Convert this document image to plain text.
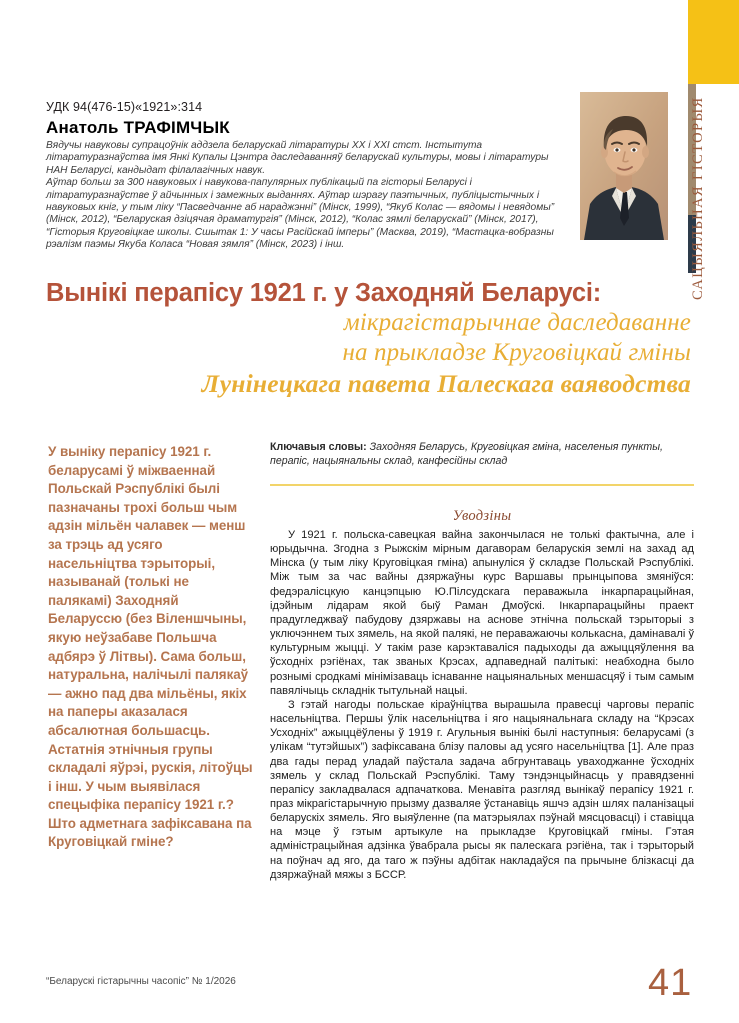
САЦЫЯЛЬНАЯ ГІСТОРЫЯ
УДК 94(476-15)«1921»:314
Анатоль ТРАФІМЧЫК

Вядучы навуковы супрацоўнік аддзела беларускай літаратуры XX і XXI стст. Інстытута літаратуразнаўства імя Янкі Купалы Цэнтра даследаванняў беларускай культуры, мовы і літаратуры НАН Беларусі, кандыдат філалагічных навук.

Аўтар больш за 300 навуковых і навукова-папулярных публікацый па гісторыі Беларусі і літаратуразнаўстве ў айчынных і замежных выданнях. Аўтар шэрагу паэтычных, публіцыстычных і навуковых кніг, у тым ліку “Пасведчанне аб нараджэнні” (Мінск, 1999), “Якуб Колас — вядомы і невядомы” (Мінск, 2012), “Беларуская дзіцячая драматургія” (Мінск, 2012), “Колас зямлі беларускай” (Мінск, 2017), “Гісторыя Круговіцкае школы. Сшытак 1: У часы Расійскай імперы” (Масква, 2019), “Мастацка-вобразны рэалізм паэмы Якуба Коласа “Новая зямля” (Мінск, 2023) і інш.

Вынікі перапісу 1921 г. у Заходняй Беларусі:
мікрагістарычнае даследаванне
на прыкладзе Круговіцкай гміны
Лунінецкага павета Палескага ваяводства
У выніку перапісу 1921 г. беларусамі ў міжваеннай Польскай Рэспублікі былі пазначаны трохі больш чым адзін мільён чалавек — менш за трэць ад усяго насельніцтва тэрыторыі, называнай (толькі не палякамі) Заходняй Беларуссю (без Віленшчыны, якую неўзабаве Польшча адбярэ ў Літвы). Сама больш, натуральна, налічылі палякаў — ажно пад два мільёны, якіх на паперы аказалася абсалютная большасць. Астатнія этнічныя групы складалі яўрэі, рускія, літоўцы і інш. У чым выявілася спецыфіка перапісу 1921 г.? Што адметнага зафіксавана па Круговіцкай гміне?
Ключавыя словы: Заходняя Беларусь, Круговіцкая гміна, населеныя пункты, перапіс, нацыянальны склад, канфесійны склад
Уводзіны

У 1921 г. польска-савецкая вайна закончылася не толькі фактычна, але і юрыдычна. Згодна з Рыжскім мірным дагаворам беларускія землі на захад ад Мінска (у тым ліку Круговіцкая гміна) апынуліся ў складзе Польскай Рэспублікі. Між тым за час вайны дзяржаўны курс Варшавы прынцыпова змяніўся: федэралісцкую канцэпцыю Ю.Пілсудскага пераважыла інкарпарацыйная, ідэйным лідарам якой быў Раман Дмоўскі. Інкарпарацыйны праект прадугледжваў пабудову дзяржавы на аснове этнічна польскай тэрыторыі з уключэннем тых зямель, на якой палякі, не пераважаючы колькасна, дамінавалі ў культурным жыцці. У такім разе карэктаваліся падыходы да ажыццяўлення ва ўсходніх рэгіёнах, так званых Крэсах, адпаведнай палітыкі: неабходна было рознымі сродкамі мінімізаваць існаванне нацыянальных меншасцяў і тым самым павялічыць складнік тытульнай нацыі.

З гэтай нагоды польскае кіраўніцтва вырашыла правесці чарговы перапіс насельніцтва. Першы ўлік насельніцтва і яго нацыянальнага складу на “Крэсах Усходніх” ажыццёўлены ў 1919 г. Агульныя вынікі былі наступныя: беларусамі (з улікам “тутэйшых”) зафіксавана блізу паловы ад усяго насельніцтва [1]. Але праз два гады перад уладай паўстала задача абгрунтаваць уваходжанне ўсходніх зямель у склад Польскай Рэспублікі. Таму тэндэнцыйнасць у правядзенні перапісу закладвалася адпачаткова. Менавіта разгляд вынікаў перапісу 1921 г. праз мікрагістарычную прызму дазваляе ўстанавіць яшчэ адзін шлях паланізацыі беларускіх зямель. Яго выяўленне (па матэрыялах пэўнай мясцовасці) і ставіцца на мэце ў гэтым артыкуле на прыкладзе Круговіцкай гміны. Гэтая адміністрацыйная адзінка ўвабрала рысы як палескага рэгіёна, так і тэрыторый на поўнач ад яго, да таго ж пэўны адбітак накладаўся па прычыне блізкасці да дзяржаўнай мяжы з БССР.

“Беларускі гістарычны часопіс” № 1/2026	41
